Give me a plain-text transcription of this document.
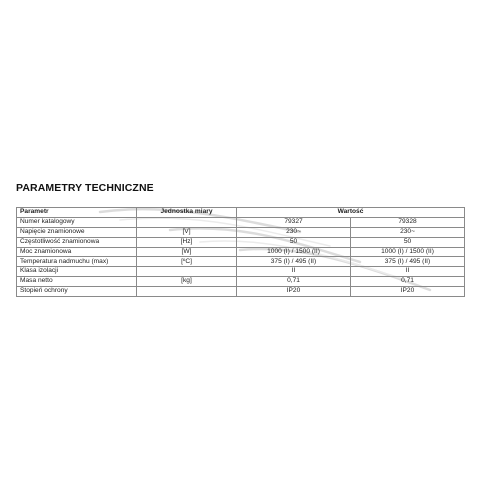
PARAMETRY TECHNICZNE
Parametr	Jednostka miary	Wartość	
Numer katalogowy		79327	79328
Napięcie znamionowe	[V]	230~	230~
Częstotliwość znamionowa	[Hz]	50	50
Moc znamionowa	[W]	1000 (I) / 1500 (II)	1000 (I) / 1500 (II)
Temperatura nadmuchu (max)	[ºC]	375 (I) / 495 (II)	375 (I) / 495 (II)
Klasa izolacji		II	II
Masa netto	[kg]	0,71	0,71
Stopień ochrony		IP20	IP20
